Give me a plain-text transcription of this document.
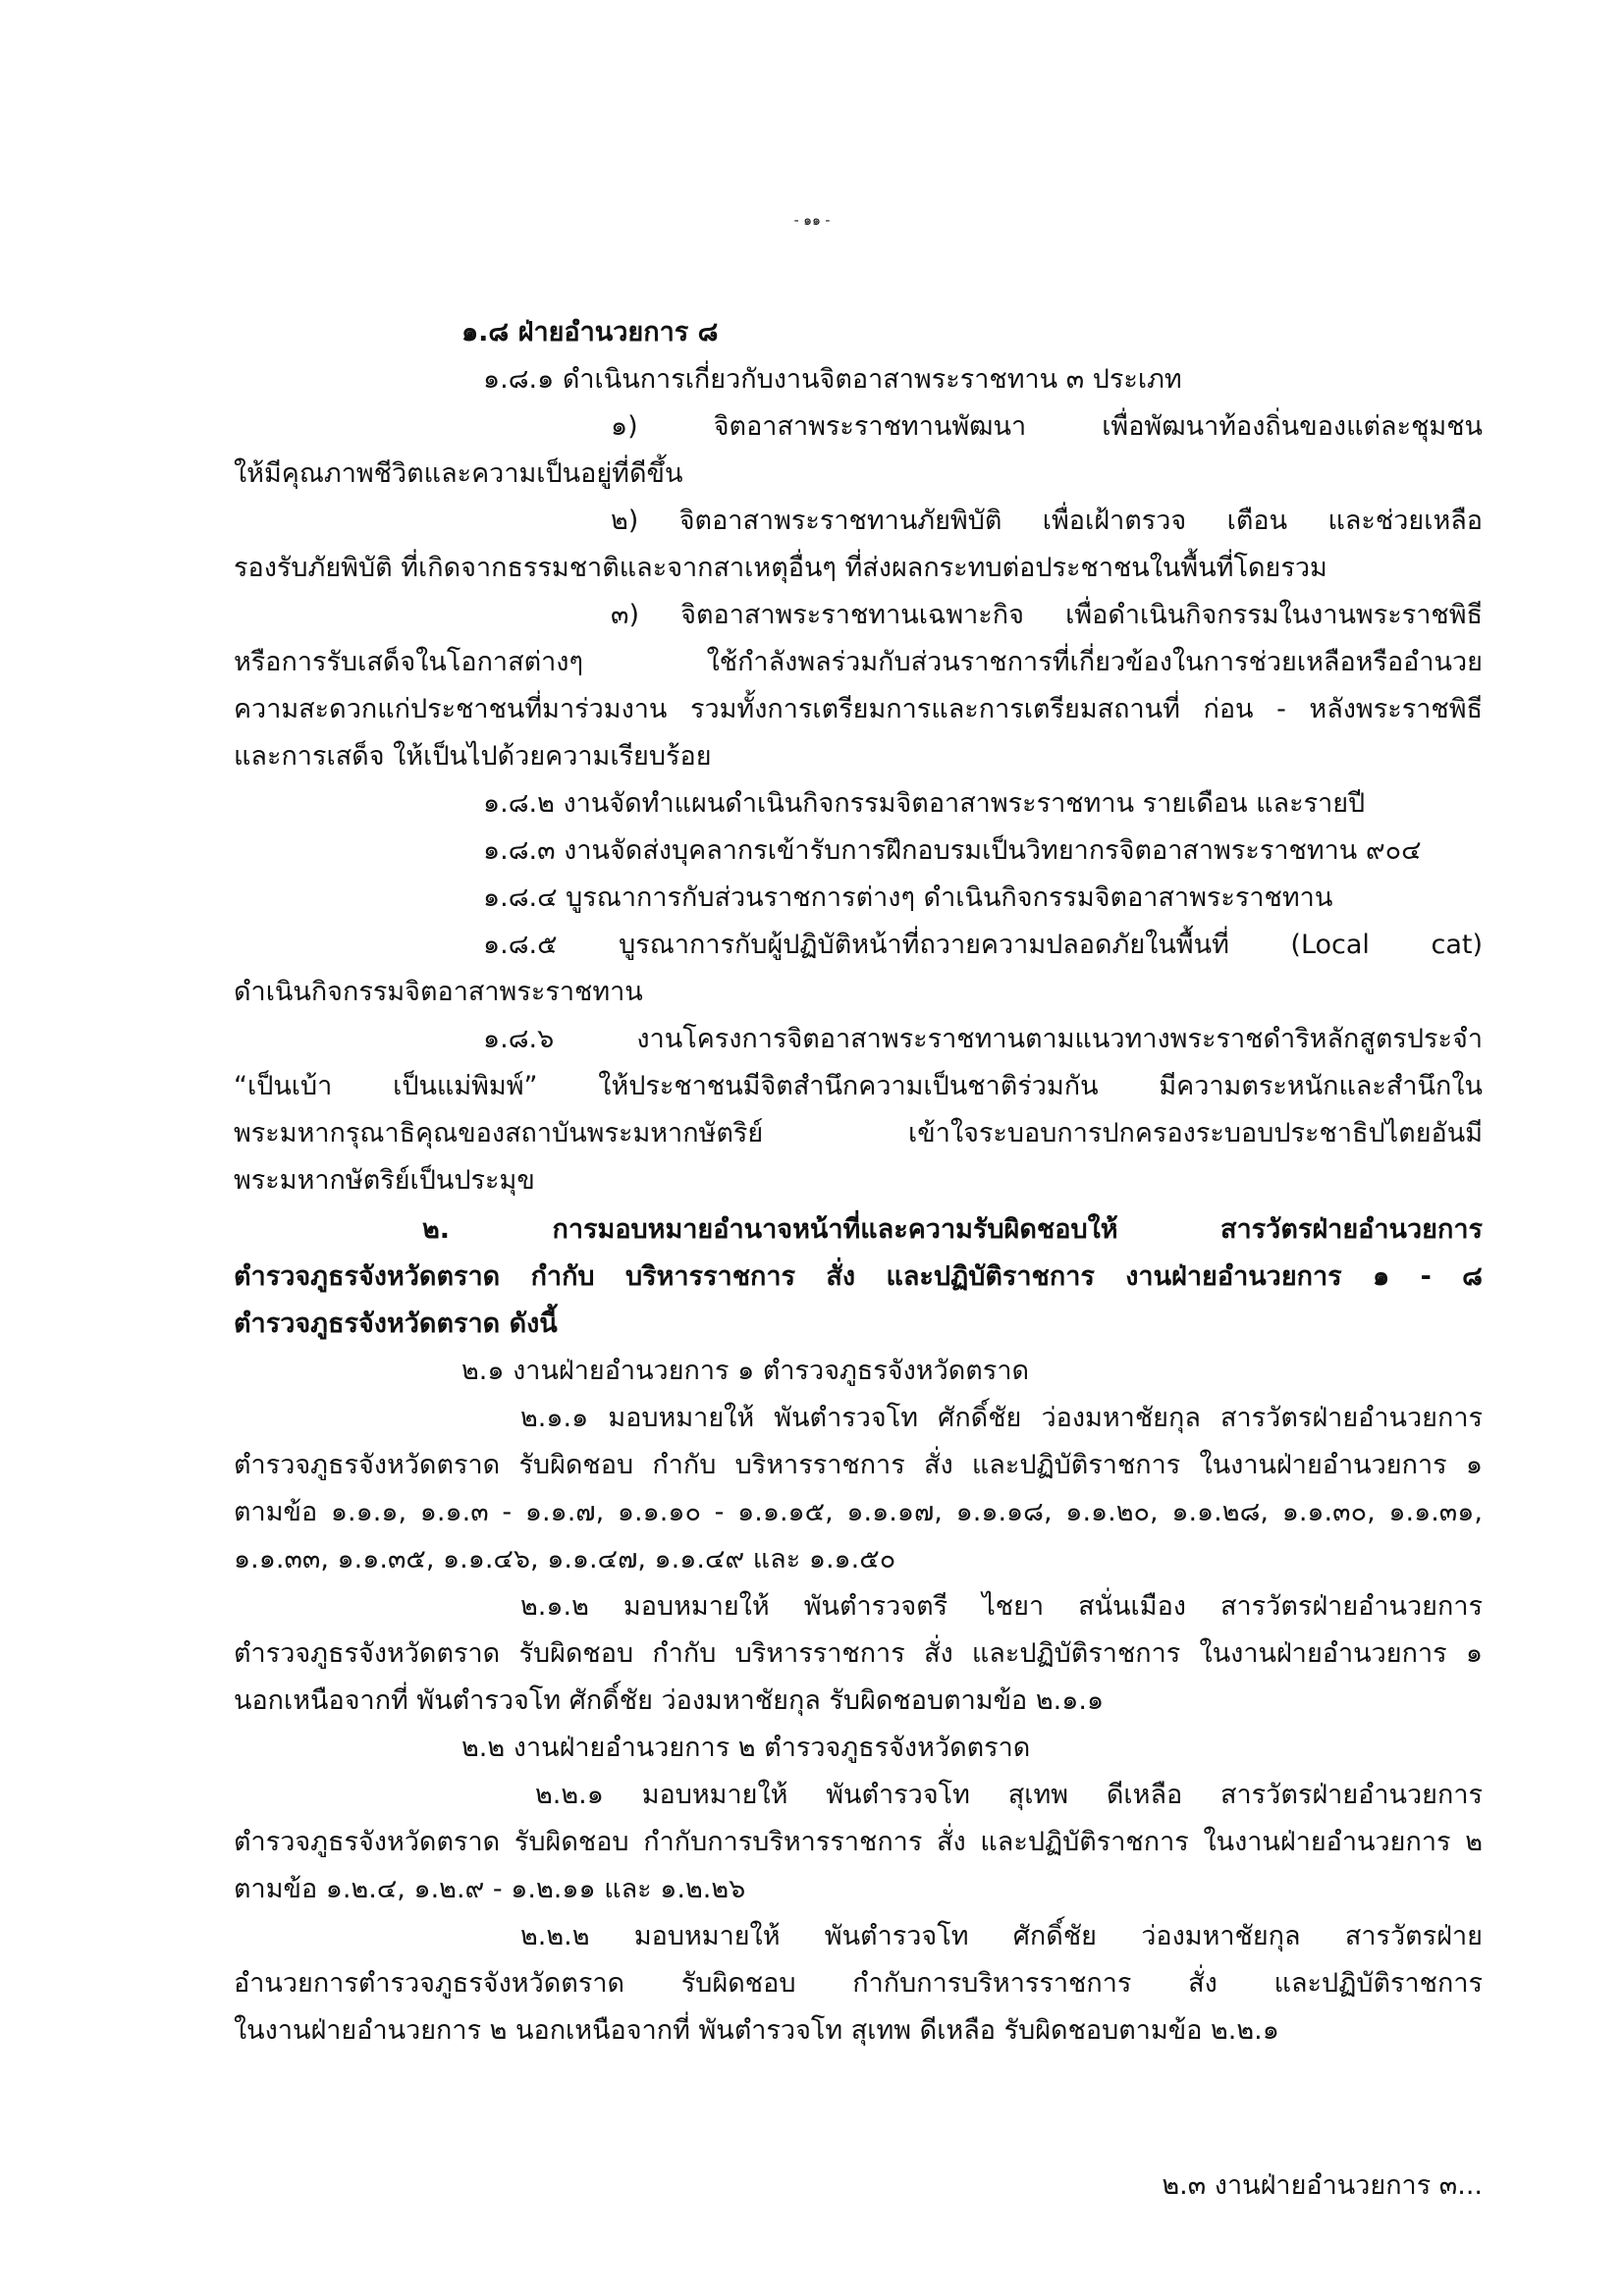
- ๑๑ -
๑.๘ ฝ่ายอำนวยการ ๘
๑.๘.๑ ดำเนินการเกี่ยวกับงานจิตอาสาพระราชทาน ๓ ประเภท
๑) จิตอาสาพระราชทานพัฒนา เพื่อพัฒนาท้องถิ่นของแต่ละชุมชน
ให้มีคุณภาพชีวิตและความเป็นอยู่ที่ดีขึ้น
๒) จิตอาสาพระราชทานภัยพิบัติ เพื่อเฝ้าตรวจ เตือน และช่วยเหลือ
รองรับภัยพิบัติ ที่เกิดจากธรรมชาติและจากสาเหตุอื่นๆ ที่ส่งผลกระทบต่อประชาชนในพื้นที่โดยรวม
๓) จิตอาสาพระราชทานเฉพาะกิจ เพื่อดำเนินกิจกรรมในงานพระราชพิธี
หรือการรับเสด็จในโอกาสต่างๆ ใช้กำลังพลร่วมกับส่วนราชการที่เกี่ยวข้องในการช่วยเหลือหรืออำนวย
ความสะดวกแก่ประชาชนที่มาร่วมงาน รวมทั้งการเตรียมการและการเตรียมสถานที่ ก่อน - หลังพระราชพิธี
และการเสด็จ ให้เป็นไปด้วยความเรียบร้อย
๑.๘.๒ งานจัดทำแผนดำเนินกิจกรรมจิตอาสาพระราชทาน รายเดือน และรายปี
๑.๘.๓ งานจัดส่งบุคลากรเข้ารับการฝึกอบรมเป็นวิทยากรจิตอาสาพระราชทาน ๙๐๔
๑.๘.๔ บูรณาการกับส่วนราชการต่างๆ ดำเนินกิจกรรมจิตอาสาพระราชทาน
๑.๘.๕ บูรณาการกับผู้ปฏิบัติหน้าที่ถวายความปลอดภัยในพื้นที่ (Local cat)
ดำเนินกิจกรรมจิตอาสาพระราชทาน
๑.๘.๖ งานโครงการจิตอาสาพระราชทานตามแนวทางพระราชดำริหลักสูตรประจำ
“เป็นเบ้า เป็นแม่พิมพ์” ให้ประชาชนมีจิตสำนึกความเป็นชาติร่วมกัน มีความตระหนักและสำนึกใน
พระมหากรุณาธิคุณของสถาบันพระมหากษัตริย์ เข้าใจระบอบการปกครองระบอบประชาธิปไตยอันมี
พระมหากษัตริย์เป็นประมุข
๒. การมอบหมายอำนาจหน้าที่และความรับผิดชอบให้ สารวัตรฝ่ายอำนวยการ
ตำรวจภูธรจังหวัดตราด กำกับ บริหารราชการ สั่ง และปฏิบัติราชการ งานฝ่ายอำนวยการ ๑ - ๘
ตำรวจภูธรจังหวัดตราด ดังนี้
๒.๑ งานฝ่ายอำนวยการ ๑ ตำรวจภูธรจังหวัดตราด
๒.๑.๑ มอบหมายให้ พันตำรวจโท ศักดิ์ชัย ว่องมหาชัยกุล สารวัตรฝ่ายอำนวยการ
ตำรวจภูธรจังหวัดตราด รับผิดชอบ กำกับ บริหารราชการ สั่ง และปฏิบัติราชการ ในงานฝ่ายอำนวยการ ๑
ตามข้อ ๑.๑.๑, ๑.๑.๓ - ๑.๑.๗, ๑.๑.๑๐ - ๑.๑.๑๕, ๑.๑.๑๗, ๑.๑.๑๘, ๑.๑.๒๐, ๑.๑.๒๘, ๑.๑.๓๐, ๑.๑.๓๑,
๑.๑.๓๓, ๑.๑.๓๕, ๑.๑.๔๖, ๑.๑.๔๗, ๑.๑.๔๙ และ ๑.๑.๕๐
๒.๑.๒ มอบหมายให้ พันตำรวจตรี ไชยา สนั่นเมือง สารวัตรฝ่ายอำนวยการ
ตำรวจภูธรจังหวัดตราด รับผิดชอบ กำกับ บริหารราชการ สั่ง และปฏิบัติราชการ ในงานฝ่ายอำนวยการ ๑
นอกเหนือจากที่ พันตำรวจโท ศักดิ์ชัย ว่องมหาชัยกุล รับผิดชอบตามข้อ ๒.๑.๑
๒.๒ งานฝ่ายอำนวยการ ๒ ตำรวจภูธรจังหวัดตราด
๒.๒.๑ มอบหมายให้ พันตำรวจโท สุเทพ ดีเหลือ สารวัตรฝ่ายอำนวยการ
ตำรวจภูธรจังหวัดตราด รับผิดชอบ กำกับการบริหารราชการ สั่ง และปฏิบัติราชการ ในงานฝ่ายอำนวยการ ๒
ตามข้อ ๑.๒.๔, ๑.๒.๙ - ๑.๒.๑๑ และ ๑.๒.๒๖
๒.๒.๒ มอบหมายให้ พันตำรวจโท ศักดิ์ชัย ว่องมหาชัยกุล สารวัตรฝ่าย
อำนวยการตำรวจภูธรจังหวัดตราด รับผิดชอบ กำกับการบริหารราชการ สั่ง และปฏิบัติราชการ
ในงานฝ่ายอำนวยการ ๒ นอกเหนือจากที่ พันตำรวจโท สุเทพ ดีเหลือ รับผิดชอบตามข้อ ๒.๒.๑
๒.๓ งานฝ่ายอำนวยการ ๓...
